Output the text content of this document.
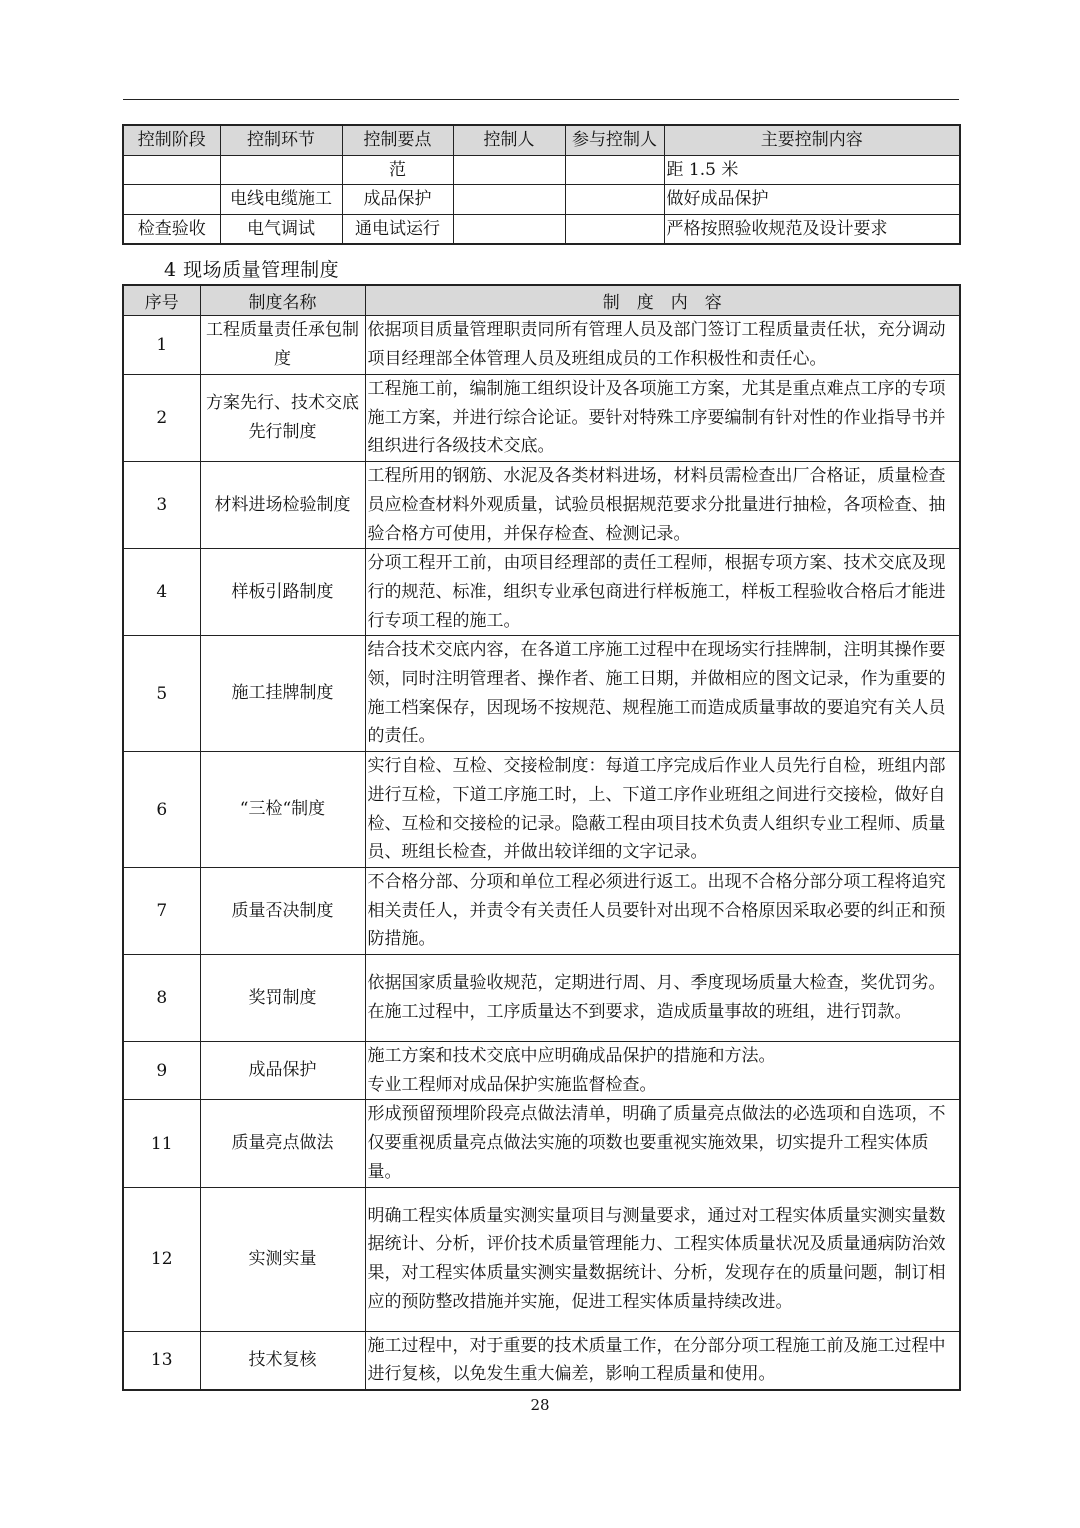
控制阶段	控制环节	控制要点	控制人	参与控制人	主要控制内容
		范			距 1.5 米
	电线电缆施工	成品保护			做好成品保护
检查验收	电气调试	通电试运行			严格按照验收规范及设计要求
4 现场质量管理制度
序号	制度名称	制　度　内　容
1	工程质量责任承包制度	依据项目质量管理职责同所有管理人员及部门签订工程质量责任状，充分调动项目经理部全体管理人员及班组成员的工作积极性和责任心。
2	方案先行、技术交底先行制度	工程施工前，编制施工组织设计及各项施工方案，尤其是重点难点工序的专项施工方案，并进行综合论证。要针对特殊工序要编制有针对性的作业指导书并组织进行各级技术交底。
3	材料进场检验制度	工程所用的钢筋、水泥及各类材料进场，材料员需检查出厂合格证，质量检查员应检查材料外观质量，试验员根据规范要求分批量进行抽检，各项检查、抽验合格方可使用，并保存检查、检测记录。
4	样板引路制度	分项工程开工前，由项目经理部的责任工程师，根据专项方案、技术交底及现行的规范、标准，组织专业承包商进行样板施工，样板工程验收合格后才能进行专项工程的施工。
5	施工挂牌制度	结合技术交底内容，在各道工序施工过程中在现场实行挂牌制，注明其操作要领，同时注明管理者、操作者、施工日期，并做相应的图文记录，作为重要的施工档案保存，因现场不按规范、规程施工而造成质量事故的要追究有关人员的责任。
6	“三检“制度	实行自检、互检、交接检制度：每道工序完成后作业人员先行自检，班组内部进行互检，下道工序施工时，上、下道工序作业班组之间进行交接检，做好自检、互检和交接检的记录。隐蔽工程由项目技术负责人组织专业工程师、质量员、班组长检查，并做出较详细的文字记录。
7	质量否决制度	不合格分部、分项和单位工程必须进行返工。出现不合格分部分项工程将追究相关责任人，并责令有关责任人员要针对出现不合格原因采取必要的纠正和预防措施。
8	奖罚制度	依据国家质量验收规范，定期进行周、月、季度现场质量大检查，奖优罚劣。在施工过程中，工序质量达不到要求，造成质量事故的班组，进行罚款。
9	成品保护	施工方案和技术交底中应明确成品保护的措施和方法。
专业工程师对成品保护实施监督检查。

11	质量亮点做法	形成预留预埋阶段亮点做法清单，明确了质量亮点做法的必选项和自选项，不仅要重视质量亮点做法实施的项数也要重视实施效果，切实提升工程实体质量。
12	实测实量	明确工程实体质量实测实量项目与测量要求，通过对工程实体质量实测实量数据统计、分析，评价技术质量管理能力、工程实体质量状况及质量通病防治效果，对工程实体质量实测实量数据统计、分析，发现存在的质量问题，制订相应的预防整改措施并实施，促进工程实体质量持续改进。
13	技术复核	施工过程中，对于重要的技术质量工作，在分部分项工程施工前及施工过程中进行复核，以免发生重大偏差，影响工程质量和使用。
28
